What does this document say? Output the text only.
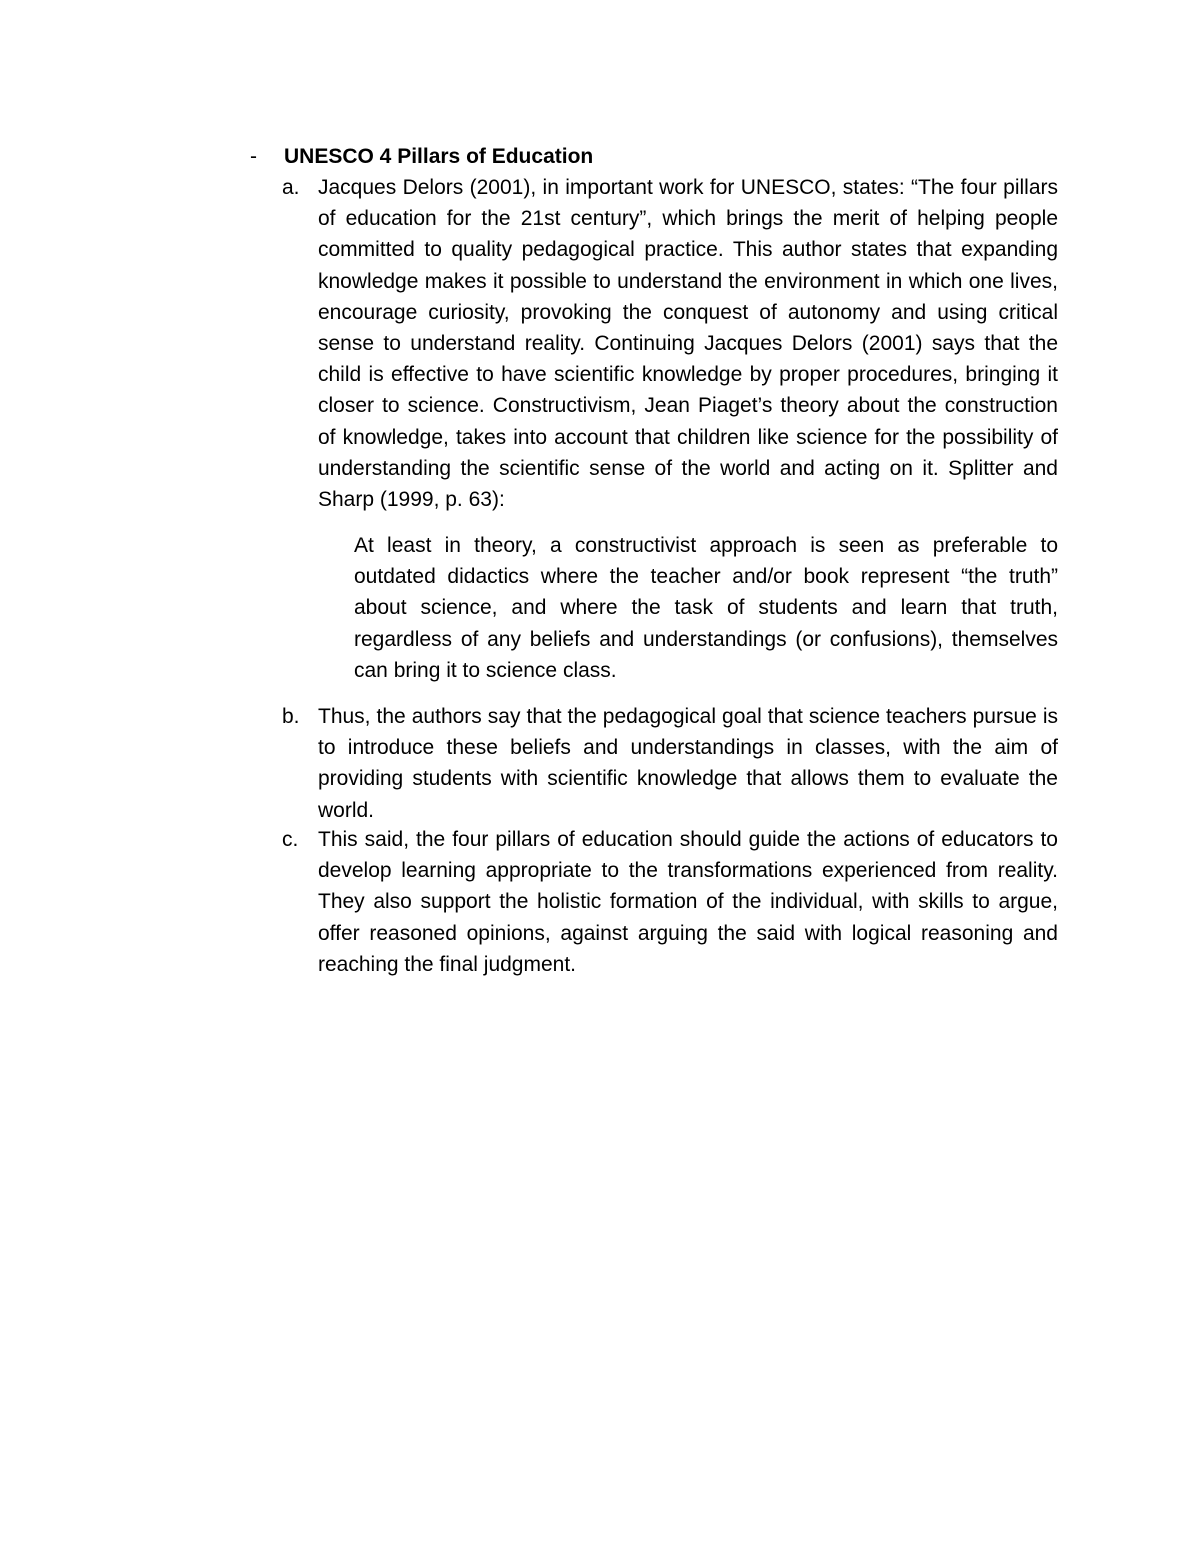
- UNESCO 4 Pillars of Education
a. Jacques Delors (2001), in important work for UNESCO, states: “The four pillars of education for the 21st century”, which brings the merit of helping people committed to quality pedagogical practice. This author states that expanding knowledge makes it possible to understand the environment in which one lives, encourage curiosity, provoking the conquest of autonomy and using critical sense to understand reality. Continuing Jacques Delors (2001) says that the child is effective to have scientific knowledge by proper procedures, bringing it closer to science. Constructivism, Jean Piaget’s theory about the construction of knowledge, takes into account that children like science for the possibility of understanding the scientific sense of the world and acting on it. Splitter and Sharp (1999, p. 63):
At least in theory, a constructivist approach is seen as preferable to outdated didactics where the teacher and/or book represent “the truth” about science, and where the task of students and learn that truth, regardless of any beliefs and understandings (or confusions), themselves can bring it to science class.
b. Thus, the authors say that the pedagogical goal that science teachers pursue is to introduce these beliefs and understandings in classes, with the aim of providing students with scientific knowledge that allows them to evaluate the world.
c. This said, the four pillars of education should guide the actions of educators to develop learning appropriate to the transformations experienced from reality. They also support the holistic formation of the individual, with skills to argue, offer reasoned opinions, against arguing the said with logical reasoning and reaching the final judgment.
